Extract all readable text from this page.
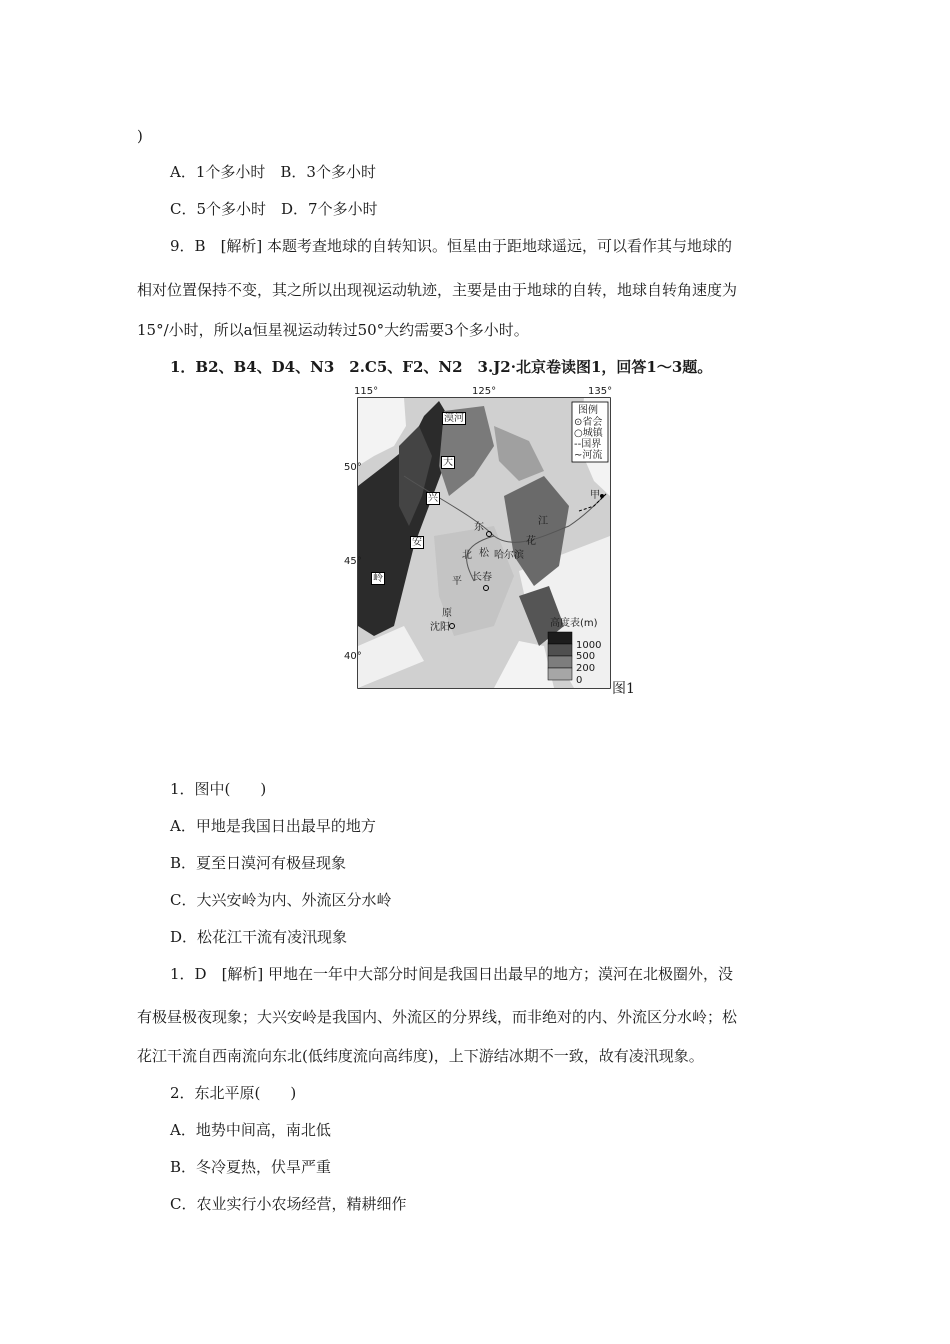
)
A．1个多小时　B．3个多小时
C．5个多小时　D．7个多小时
9．B　[解析] 本题考查地球的自转知识。恒星由于距地球遥远，可以看作其与地球的
相对位置保持不变，其之所以出现视运动轨迹，主要是由于地球的自转，地球自转角速度为
15°/小时，所以a恒星视运动转过50°大约需要3个多小时。
1．B2、B4、D4、N3　2.C5、F2、N2　3.J2·北京卷读图1，回答1～3题。
115°	125°	135°
50°
45°
40°
图例
⊙省会
○城镇
--国界
~河流
高度表(m)
1000
500
200
0
漠河
大
兴
安
岭
甲
东
江
花
北 松 哈尔滨
平 长春
原
沈阳
图1
1．图中(　　)
A．甲地是我国日出最早的地方
B．夏至日漠河有极昼现象
C．大兴安岭为内、外流区分水岭
D．松花江干流有凌汛现象
1．D　[解析] 甲地在一年中大部分时间是我国日出最早的地方；漠河在北极圈外，没
有极昼极夜现象；大兴安岭是我国内、外流区的分界线，而非绝对的内、外流区分水岭；松
花江干流自西南流向东北(低纬度流向高纬度)，上下游结冰期不一致，故有凌汛现象。
2．东北平原(　　)
A．地势中间高，南北低
B．冬冷夏热，伏旱严重
C．农业实行小农场经营，精耕细作
